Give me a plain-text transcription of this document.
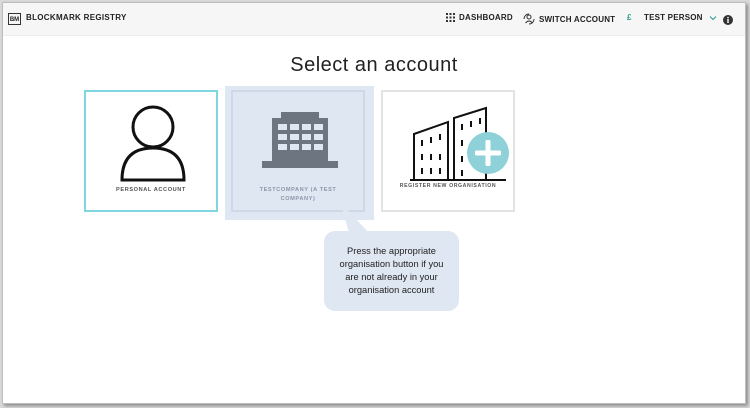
BM BLOCKMARK REGISTRY	DASHBOARD	SWITCH ACCOUNT £ TEST PERSON
Select an account
PERSONAL ACCOUNT	TESTCOMPANY (A TEST
COMPANY)
REGISTER NEW ORGANISATION
Press the appropriate
organisation button if you
are not already in your
organisation account
